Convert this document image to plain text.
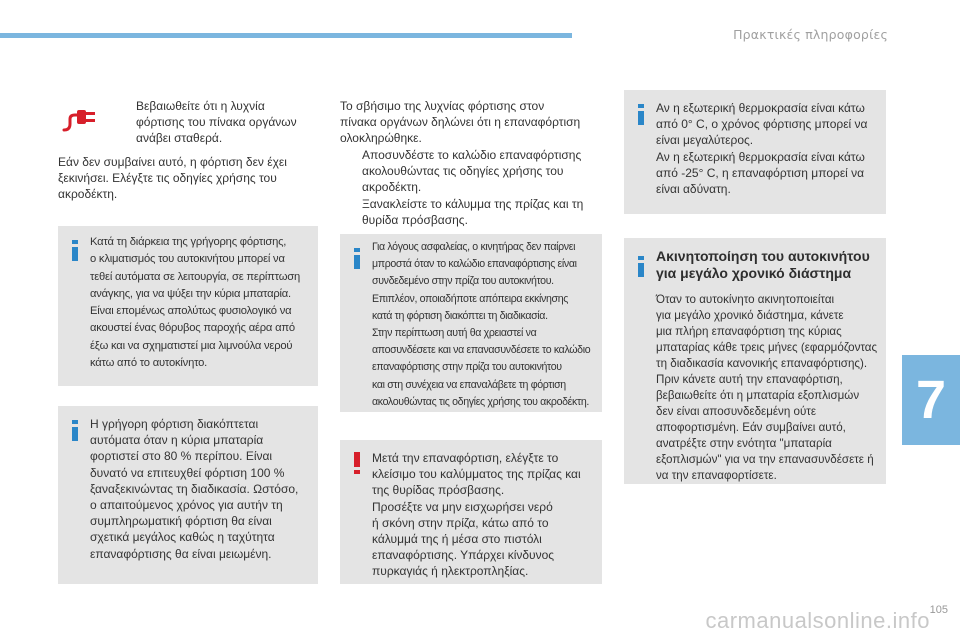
Πρακτικές πληροφορίες
7
carmanualsonline.info 105
Βεβαιωθείτε ότι η λυχνία
φόρτισης του πίνακα οργάνων
ανάβει σταθερά.
Εάν δεν συμβαίνει αυτό, η φόρτιση δεν έχει
ξεκινήσει. Ελέγξτε τις οδηγίες χρήσης του
ακροδέκτη.

Κατά τη διάρκεια της γρήγορης φόρτισης,

ο κλιματισμός του αυτοκινήτου μπορεί να

τεθεί αυτόματα σε λειτουργία, σε περίπτωση

ανάγκης, για να ψύξει την κύρια μπαταρία.

Είναι επομένως απολύτως φυσιολογικό να

ακουστεί ένας θόρυβος παροχής αέρα από

έξω και να σχηματιστεί μια λιμνούλα νερού

κάτω από το αυτοκίνητο.

Η γρήγορη φόρτιση διακόπτεται

αυτόματα όταν η κύρια μπαταρία

φορτιστεί στο 80 % περίπου. Είναι

δυνατό να επιτευχθεί φόρτιση 100 %

ξαναξεκινώντας τη διαδικασία. Ωστόσο,

ο απαιτούμενος χρόνος για αυτήν τη

συμπληρωματική φόρτιση θα είναι

σχετικά μεγάλος καθώς η ταχύτητα

επαναφόρτισης θα είναι μειωμένη.

Το σβήσιμο της λυχνίας φόρτισης στον
πίνακα οργάνων δηλώνει ότι η επαναφόρτιση
ολοκληρώθηκε.
Αποσυνδέστε το καλώδιο επαναφόρτισης
ακολουθώντας τις οδηγίες χρήσης του
ακροδέκτη.
Ξανακλείστε το κάλυμμα της πρίζας και τη
θυρίδα πρόσβασης.

Για λόγους ασφαλείας, ο κινητήρας δεν παίρνει

μπροστά όταν το καλώδιο επαναφόρτισης είναι

συνδεδεμένο στην πρίζα του αυτοκινήτου.

Επιπλέον, οποιαδήποτε απόπειρα εκκίνησης

κατά τη φόρτιση διακόπτει τη διαδικασία.

Στην περίπτωση αυτή θα χρειαστεί να

αποσυνδέσετε και να επανασυνδέσετε το καλώδιο

επαναφόρτισης στην πρίζα του αυτοκινήτου

και στη συνέχεια να επαναλάβετε τη φόρτιση

ακολουθώντας τις οδηγίες χρήσης του ακροδέκτη.

Μετά την επαναφόρτιση, ελέγξτε το

κλείσιμο του καλύμματος της πρίζας και

της θυρίδας πρόσβασης.

Προσέξτε να μην εισχωρήσει νερό

ή σκόνη στην πρίζα, κάτω από το

κάλυμμά της ή μέσα στο πιστόλι

επαναφόρτισης. Υπάρχει κίνδυνος

πυρκαγιάς ή ηλεκτροπληξίας.

Αν η εξωτερική θερμοκρασία είναι κάτω

από 0° C, ο χρόνος φόρτισης μπορεί να

είναι μεγαλύτερος.

Αν η εξωτερική θερμοκρασία είναι κάτω

από -25° C, η επαναφόρτιση μπορεί να

είναι αδύνατη.

Ακινητοποίηση του αυτοκινήτου

για μεγάλο χρονικό διάστημα

Όταν το αυτοκίνητο ακινητοποιείται

για μεγάλο χρονικό διάστημα, κάνετε

μια πλήρη επαναφόρτιση της κύριας

μπαταρίας κάθε τρεις μήνες (εφαρμόζοντας

τη διαδικασία κανονικής επαναφόρτισης).

Πριν κάνετε αυτή την επαναφόρτιση,

βεβαιωθείτε ότι η μπαταρία εξοπλισμών

δεν είναι αποσυνδεδεμένη ούτε

αποφορτισμένη. Εάν συμβαίνει αυτό,

ανατρέξτε στην ενότητα "μπαταρία

εξοπλισμών" για να την επανασυνδέσετε ή

να την επαναφορτίσετε.
